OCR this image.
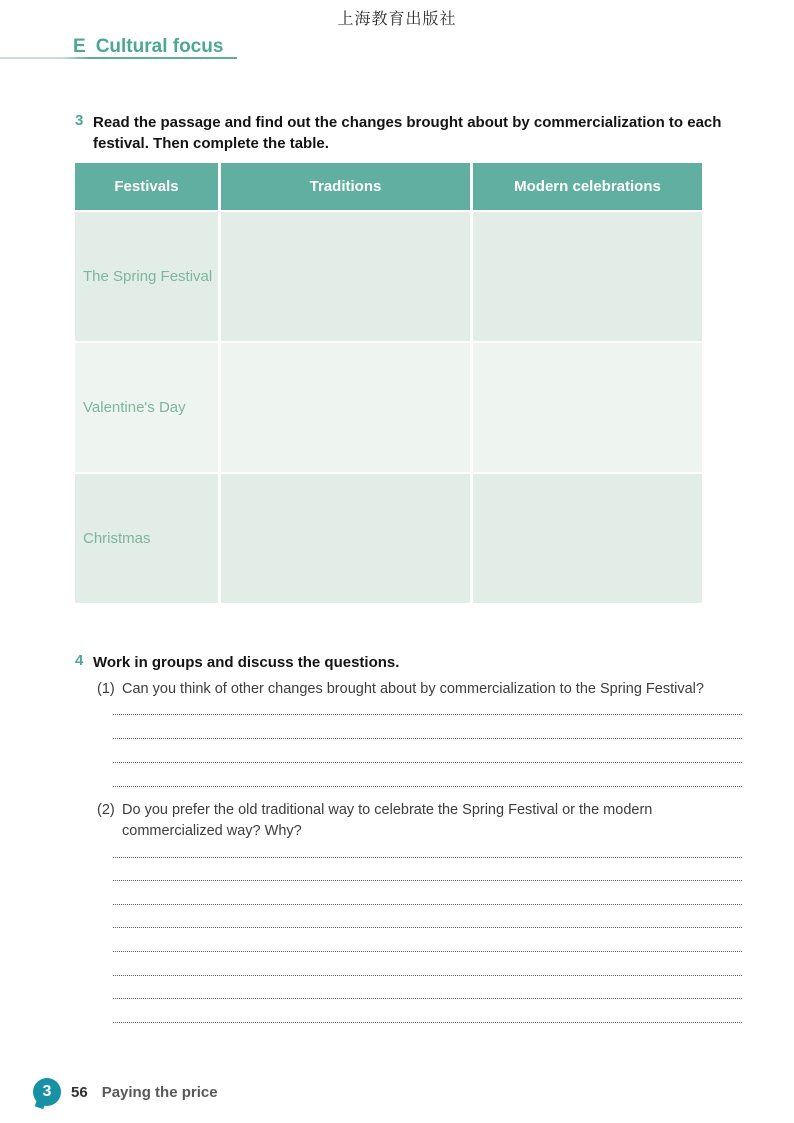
上海教育出版社
E Cultural focus
3 Read the passage and find out the changes brought about by commercialization to each festival. Then complete the table.
Festivals	Traditions	Modern celebrations
The Spring Festival
Valentine's Day
Christmas
4 Work in groups and discuss the questions.
(1) Can you think of other changes brought about by commercialization to the Spring Festival?
(2) Do you prefer the old traditional way to celebrate the Spring Festival or the modern commercialized way? Why?
3 56 Paying the price
